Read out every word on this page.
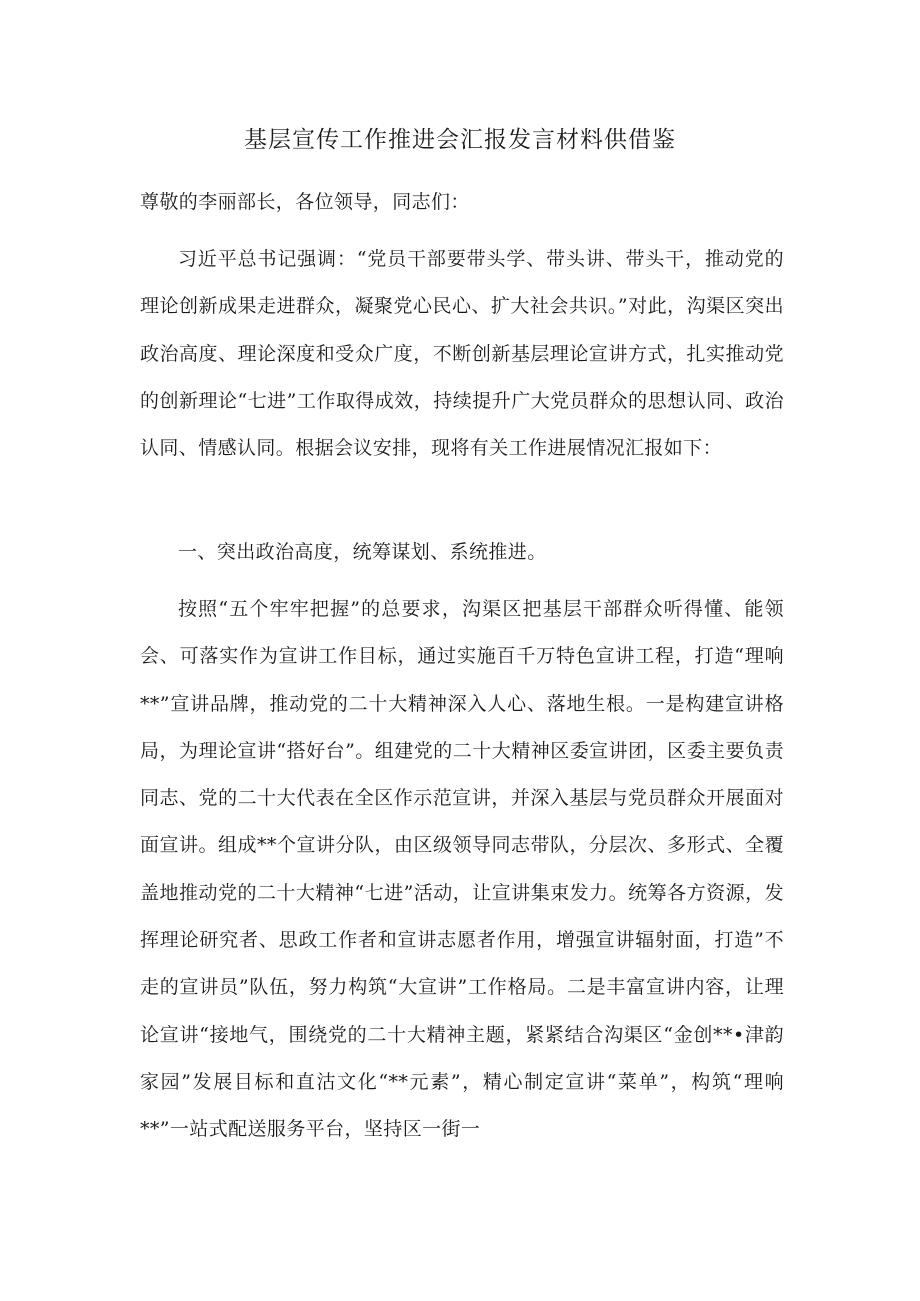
基层宣传工作推进会汇报发言材料供借鉴

尊敬的李丽部长，各位领导，同志们：

习近平总书记强调：“党员干部要带头学、带头讲、带头干，推动党的理论创新成果走进群众，凝聚党心民心、扩大社会共识。”对此，沟渠区突出政治高度、理论深度和受众广度，不断创新基层理论宣讲方式，扎实推动党的创新理论“七进”工作取得成效，持续提升广大党员群众的思想认同、政治认同、情感认同。根据会议安排，现将有关工作进展情况汇报如下：

一、突出政治高度，统筹谋划、系统推进。

按照“五个牢牢把握”的总要求，沟渠区把基层干部群众听得懂、能领会、可落实作为宣讲工作目标，通过实施百千万特色宣讲工程，打造“理响**”宣讲品牌，推动党的二十大精神深入人心、落地生根。一是构建宣讲格局，为理论宣讲“搭好台”。组建党的二十大精神区委宣讲团，区委主要负责同志、党的二十大代表在全区作示范宣讲，并深入基层与党员群众开展面对面宣讲。组成**个宣讲分队，由区级领导同志带队，分层次、多形式、全覆盖地推动党的二十大精神“七进”活动，让宣讲集束发力。统筹各方资源，发挥理论研究者、思政工作者和宣讲志愿者作用，增强宣讲辐射面，打造”不走的宣讲员”队伍，努力构筑“大宣讲”工作格局。二是丰富宣讲内容，让理论宣讲“接地气，围绕党的二十大精神主题，紧紧结合沟渠区“金创**•津韵家园”发展目标和直沽文化“**元素”，精心制定宣讲“菜单”，构筑“理响**”一站式配送服务平台，坚持区一街一
